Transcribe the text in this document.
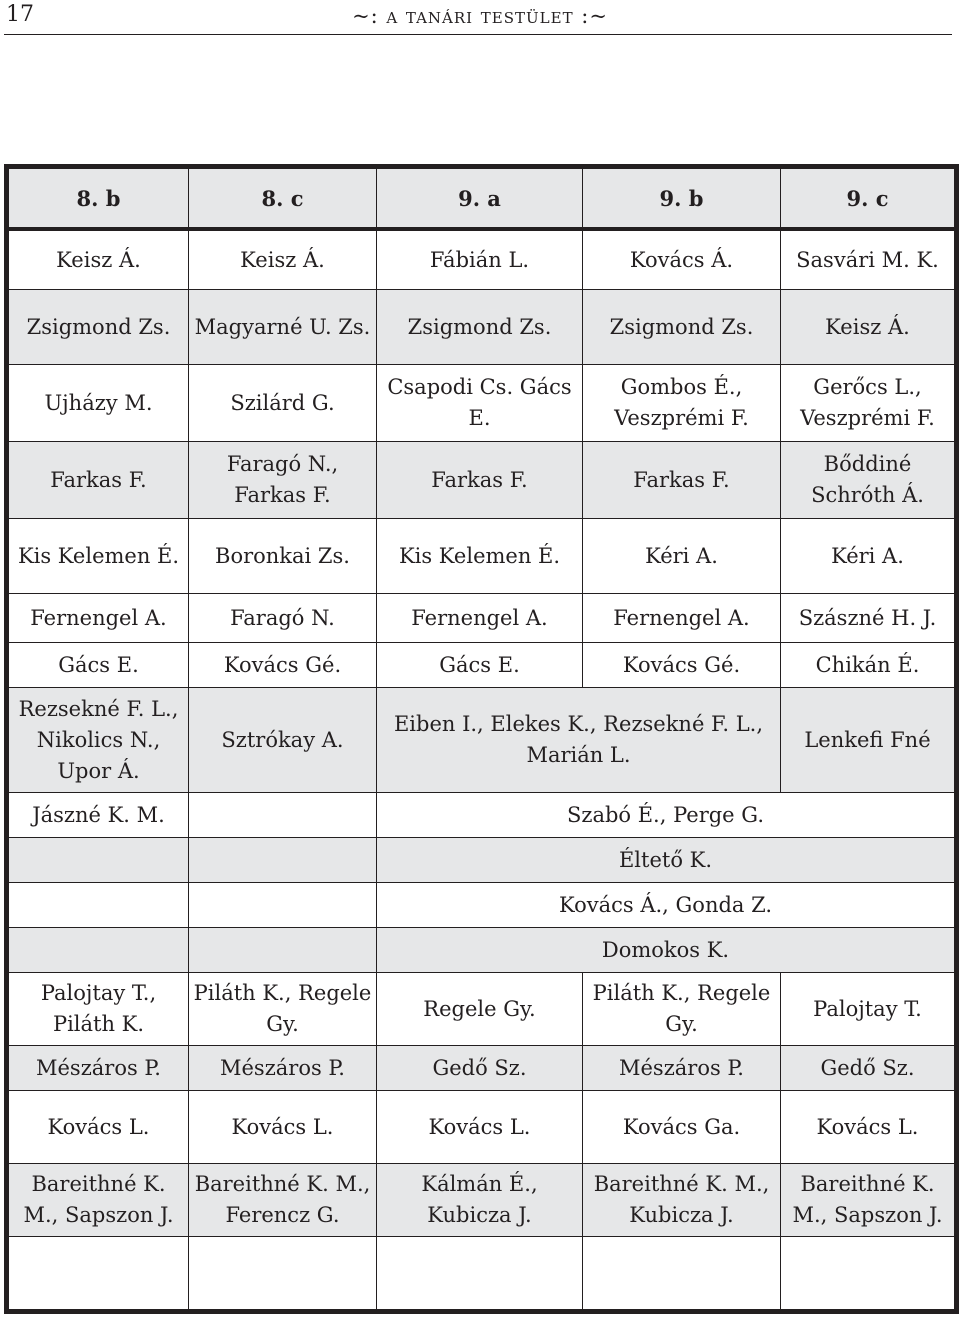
17	~: a tanári testület :~
8. b	8. c	9. a	9. b	9. c
Keisz Á.	Keisz Á.	Fábián L.	Kovács Á.	Sasvári M. K.
Zsigmond Zs.	Magyarné U. Zs.	Zsigmond Zs.	Zsigmond Zs.	Keisz Á.
Ujházy M.	Szilárd G.	Csapodi Cs. Gács E.	Gombos É., Veszprémi F.	Gerőcs L., Veszprémi F.
Farkas F.	Faragó N., Farkas F.	Farkas F.	Farkas F.	Bőddiné Schróth Á.
Kis Kelemen É.	Boronkai Zs.	Kis Kelemen É.	Kéri A.	Kéri A.
Fernengel A.	Faragó N.	Fernengel A.	Fernengel A.	Szászné H. J.
Gács E.	Kovács Gé.	Gács E.	Kovács Gé.	Chikán É.
Rezsekné F. L., Nikolics N., Upor Á.	Sztrókay A.	Eiben I., Elekes K., Rezsekné F. L., Marián L.		Lenkefi Fné
Jászné K. M.		Szabó É., Perge G.		
		Éltető K.		
		Kovács Á., Gonda Z.		
		Domokos K.		
Palojtay T., Piláth K.	Piláth K., Regele Gy.	Regele Gy.	Piláth K., Regele Gy.	Palojtay T.
Mészáros P.	Mészáros P.	Gedő Sz.	Mészáros P.	Gedő Sz.
Kovács L.	Kovács L.	Kovács L.	Kovács Ga.	Kovács L.
Bareithné K. M., Sapszon J.	Bareithné K. M., Ferencz G.	Kálmán É., Kubicza J.	Bareithné K. M., Kubicza J.	Bareithné K. M., Sapszon J.
